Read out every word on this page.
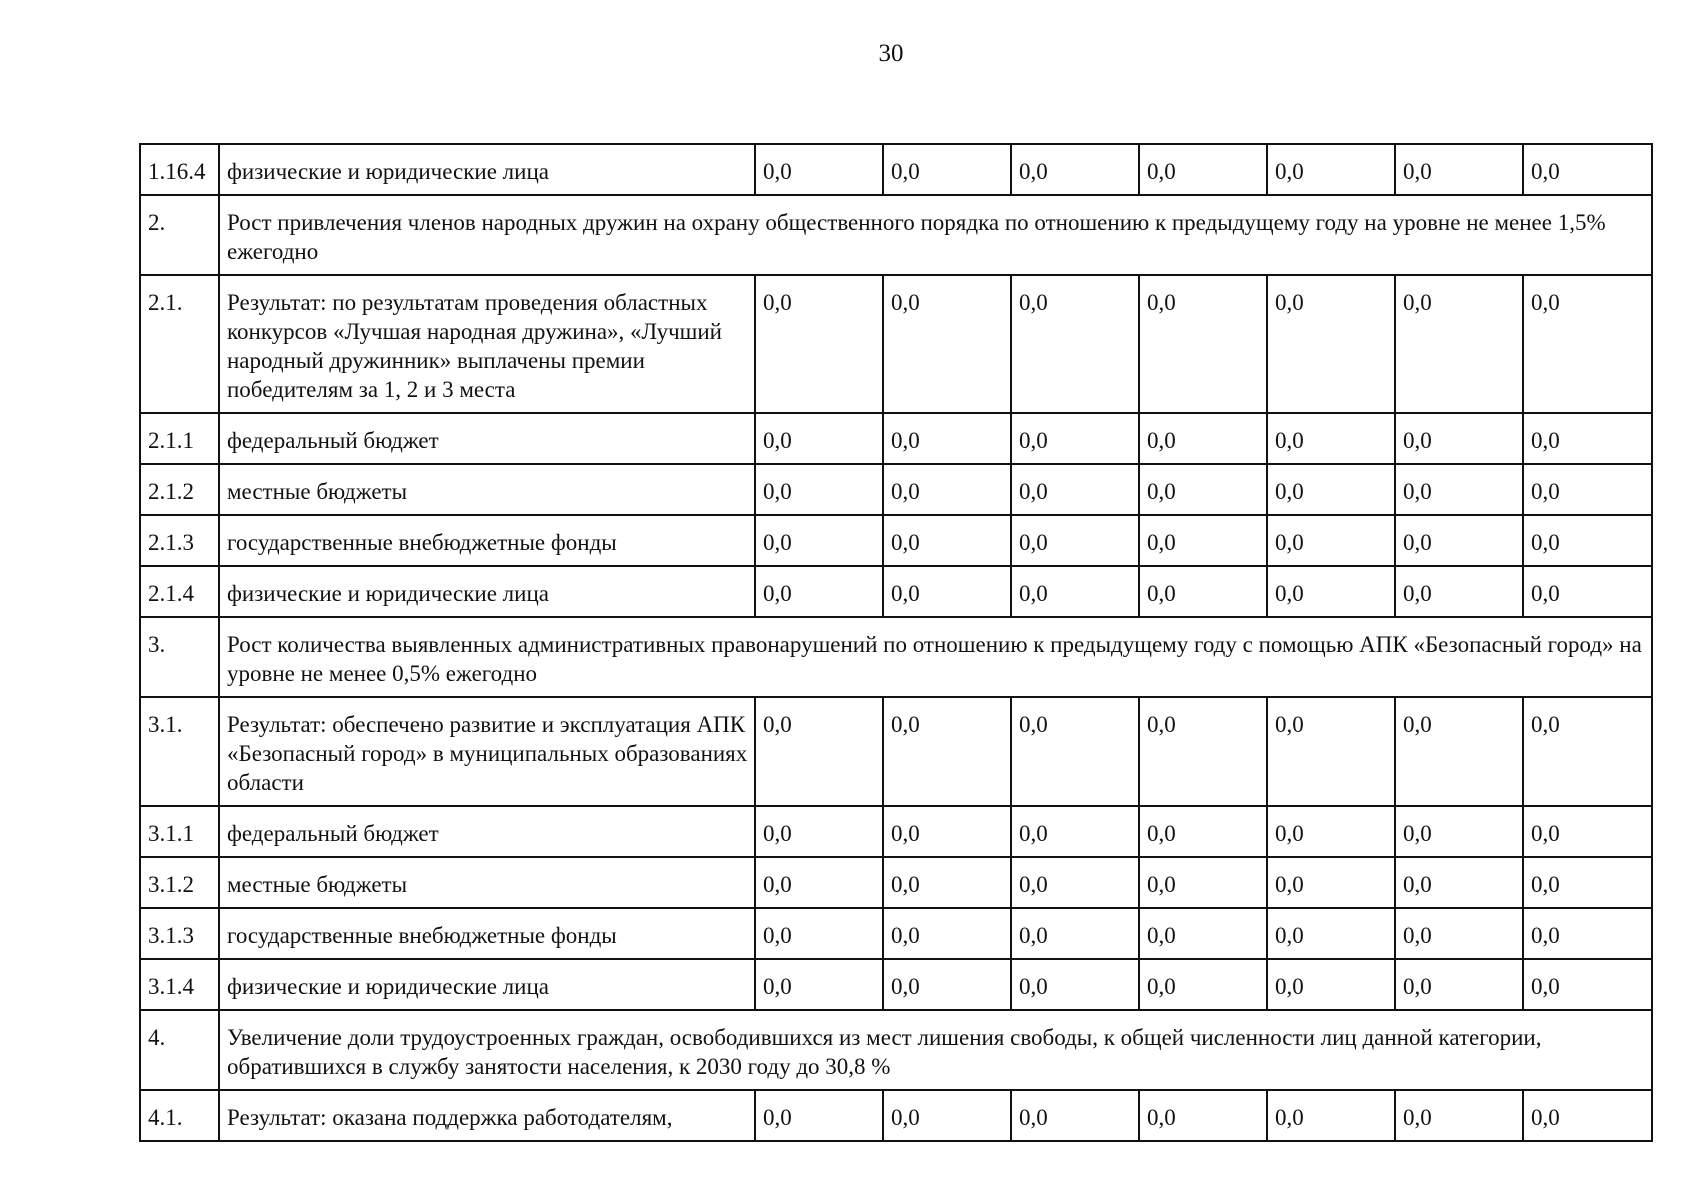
30
1.16.4	физические и юридические лица	0,0	0,0	0,0	0,0	0,0	0,0	0,0
2.	Рост привлечения членов народных дружин на охрану общественного порядка по отношению к предыдущему году на уровне не менее 1,5% ежегодно							
2.1.	Результат: по результатам проведения областных конкурсов «Лучшая народная дружина», «Лучший народный дружинник» выплачены премии победителям за 1, 2 и 3 места	0,0	0,0	0,0	0,0	0,0	0,0	0,0
2.1.1	федеральный бюджет	0,0	0,0	0,0	0,0	0,0	0,0	0,0
2.1.2	местные бюджеты	0,0	0,0	0,0	0,0	0,0	0,0	0,0
2.1.3	государственные внебюджетные фонды	0,0	0,0	0,0	0,0	0,0	0,0	0,0
2.1.4	физические и юридические лица	0,0	0,0	0,0	0,0	0,0	0,0	0,0
3.	Рост количества выявленных административных правонарушений по отношению к предыдущему году с помощью АПК «Безопасный город» на уровне не менее 0,5% ежегодно							
3.1.	Результат: обеспечено развитие и эксплуатация АПК «Безопасный город» в муниципальных образованиях области	0,0	0,0	0,0	0,0	0,0	0,0	0,0
3.1.1	федеральный бюджет	0,0	0,0	0,0	0,0	0,0	0,0	0,0
3.1.2	местные бюджеты	0,0	0,0	0,0	0,0	0,0	0,0	0,0
3.1.3	государственные внебюджетные фонды	0,0	0,0	0,0	0,0	0,0	0,0	0,0
3.1.4	физические и юридические лица	0,0	0,0	0,0	0,0	0,0	0,0	0,0
4.	Увеличение доли трудоустроенных граждан, освободившихся из мест лишения свободы, к общей численности лиц данной категории, обратившихся в службу занятости населения, к 2030 году до 30,8 %							
4.1.	Результат: оказана поддержка работодателям,	0,0	0,0	0,0	0,0	0,0	0,0	0,0
